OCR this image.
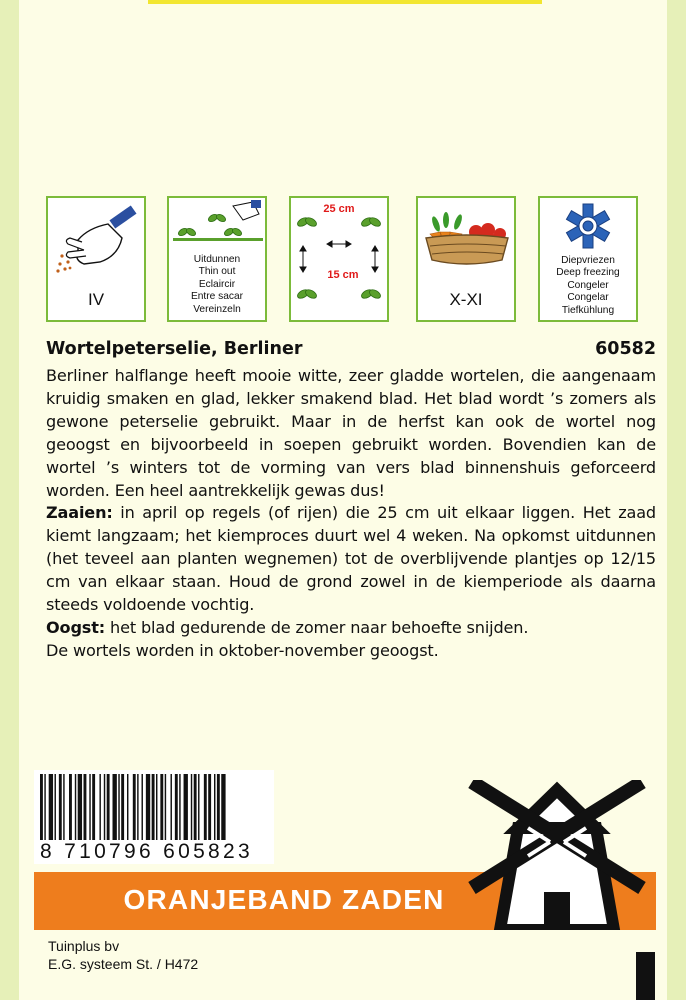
IV
Uitdunnen
Thin out
Eclaircir
Entre sacar
Vereinzeln
25 cm
15 cm
X-XI
Diepvriezen
Deep freezing
Congeler
Congelar
Tiefkühlung
Wortelpeterselie, Berliner	60582

Berliner halflange heeft mooie witte, zeer gladde wortelen, die aangenaam kruidig smaken en glad, lekker smakend blad. Het blad wordt ’s zomers als gewone peterselie gebruikt. Maar in de herfst kan ook de wortel nog geoogst en bijvoorbeeld in soepen gebruikt worden. Bovendien kan de wortel ’s winters tot de vorming van vers blad binnenshuis geforceerd worden. Een heel aantrekkelijk gewas dus!

Zaaien: in april op regels (of rijen) die 25 cm uit elkaar liggen. Het zaad kiemt langzaam; het kiemproces duurt wel 4 weken. Na opkomst uitdunnen (het teveel aan planten wegnemen) tot de overblijvende plantjes op 12/15 cm van elkaar staan. Houd de grond zowel in de kiemperiode als daarna steeds voldoende vochtig.

Oogst: het blad gedurende de zomer naar behoefte snijden.

De wortels worden in oktober-november geoogst.

8 710796 605823
ORANJEBAND ZADEN
Tuinplus bv
E.G. systeem St. / H472
